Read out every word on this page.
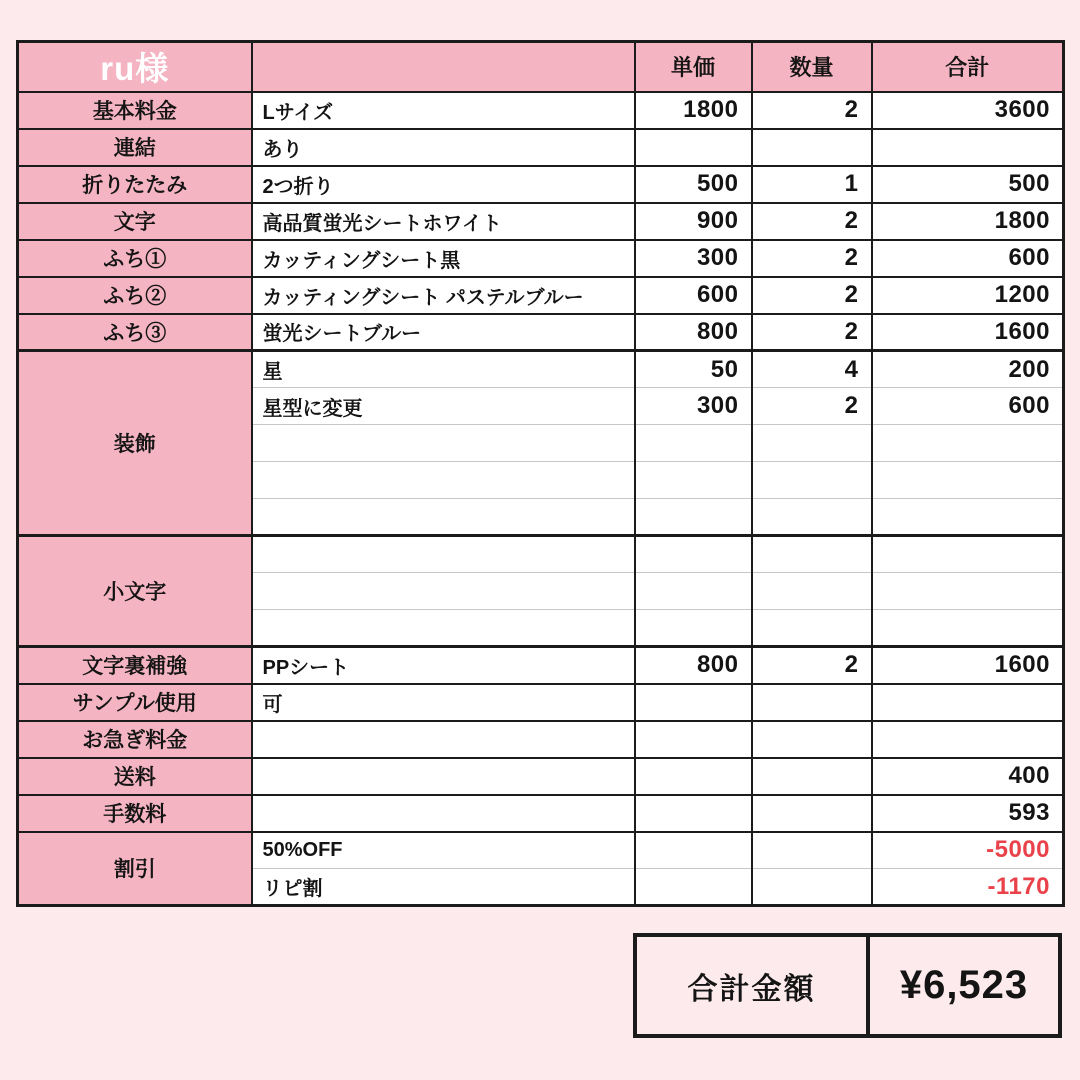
ru様		単価	数量	合計
基本料金	Lサイズ	1800	2	3600
連結	あり			
折りたたみ	2つ折り	500	1	500
文字	高品質蛍光シートホワイト	900	2	1800
ふち①	カッティングシート黒	300	2	600
ふち②	カッティングシート パステルブルー	600	2	1200
ふち③	蛍光シートブルー	800	2	1600
装飾	星	50	4	200
	星型に変更	300	2	600

小文字				

文字裏補強	PPシート	800	2	1600
サンプル使用	可			
お急ぎ料金				
送料				400
手数料				593
割引	50%OFF			-5000
	リピ割			-1170
合計金額	¥6,523
